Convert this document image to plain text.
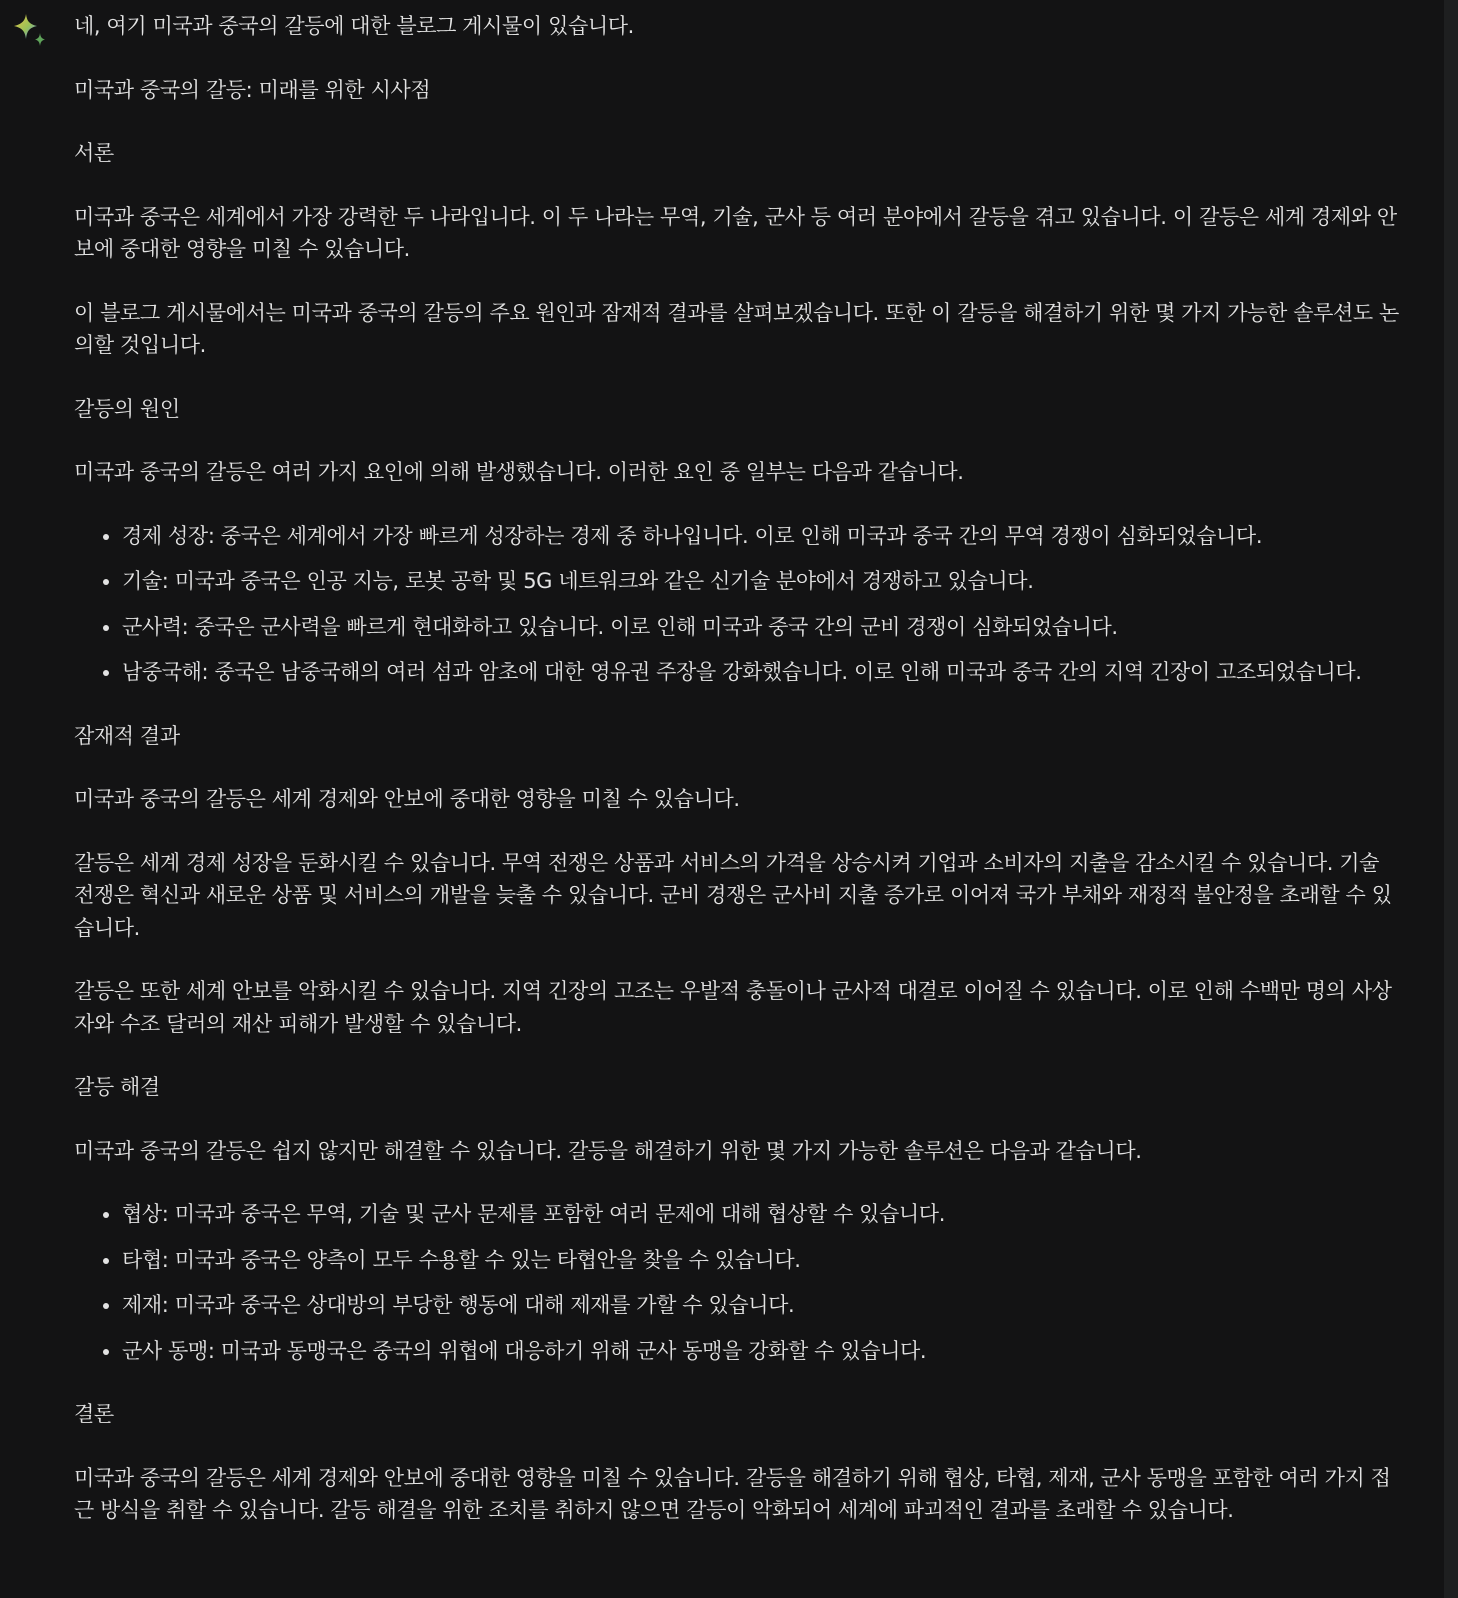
네, 여기 미국과 중국의 갈등에 대한 블로그 게시물이 있습니다.

미국과 중국의 갈등: 미래를 위한 시사점

서론

미국과 중국은 세계에서 가장 강력한 두 나라입니다. 이 두 나라는 무역, 기술, 군사 등 여러 분야에서 갈등을 겪고 있습니다. 이 갈등은 세계 경제와 안보에 중대한 영향을 미칠 수 있습니다.

이 블로그 게시물에서는 미국과 중국의 갈등의 주요 원인과 잠재적 결과를 살펴보겠습니다. 또한 이 갈등을 해결하기 위한 몇 가지 가능한 솔루션도 논의할 것입니다.

갈등의 원인

미국과 중국의 갈등은 여러 가지 요인에 의해 발생했습니다. 이러한 요인 중 일부는 다음과 같습니다.

• 경제 성장: 중국은 세계에서 가장 빠르게 성장하는 경제 중 하나입니다. 이로 인해 미국과 중국 간의 무역 경쟁이 심화되었습니다.
• 기술: 미국과 중국은 인공 지능, 로봇 공학 및 5G 네트워크와 같은 신기술 분야에서 경쟁하고 있습니다.
• 군사력: 중국은 군사력을 빠르게 현대화하고 있습니다. 이로 인해 미국과 중국 간의 군비 경쟁이 심화되었습니다.
• 남중국해: 중국은 남중국해의 여러 섬과 암초에 대한 영유권 주장을 강화했습니다. 이로 인해 미국과 중국 간의 지역 긴장이 고조되었습니다.

잠재적 결과

미국과 중국의 갈등은 세계 경제와 안보에 중대한 영향을 미칠 수 있습니다.

갈등은 세계 경제 성장을 둔화시킬 수 있습니다. 무역 전쟁은 상품과 서비스의 가격을 상승시켜 기업과 소비자의 지출을 감소시킬 수 있습니다. 기술 전쟁은 혁신과 새로운 상품 및 서비스의 개발을 늦출 수 있습니다. 군비 경쟁은 군사비 지출 증가로 이어져 국가 부채와 재정적 불안정을 초래할 수 있습니다.

갈등은 또한 세계 안보를 악화시킬 수 있습니다. 지역 긴장의 고조는 우발적 충돌이나 군사적 대결로 이어질 수 있습니다. 이로 인해 수백만 명의 사상자와 수조 달러의 재산 피해가 발생할 수 있습니다.

갈등 해결

미국과 중국의 갈등은 쉽지 않지만 해결할 수 있습니다. 갈등을 해결하기 위한 몇 가지 가능한 솔루션은 다음과 같습니다.

• 협상: 미국과 중국은 무역, 기술 및 군사 문제를 포함한 여러 문제에 대해 협상할 수 있습니다.
• 타협: 미국과 중국은 양측이 모두 수용할 수 있는 타협안을 찾을 수 있습니다.
• 제재: 미국과 중국은 상대방의 부당한 행동에 대해 제재를 가할 수 있습니다.
• 군사 동맹: 미국과 동맹국은 중국의 위협에 대응하기 위해 군사 동맹을 강화할 수 있습니다.

결론

미국과 중국의 갈등은 세계 경제와 안보에 중대한 영향을 미칠 수 있습니다. 갈등을 해결하기 위해 협상, 타협, 제재, 군사 동맹을 포함한 여러 가지 접근 방식을 취할 수 있습니다. 갈등 해결을 위한 조치를 취하지 않으면 갈등이 악화되어 세계에 파괴적인 결과를 초래할 수 있습니다.
